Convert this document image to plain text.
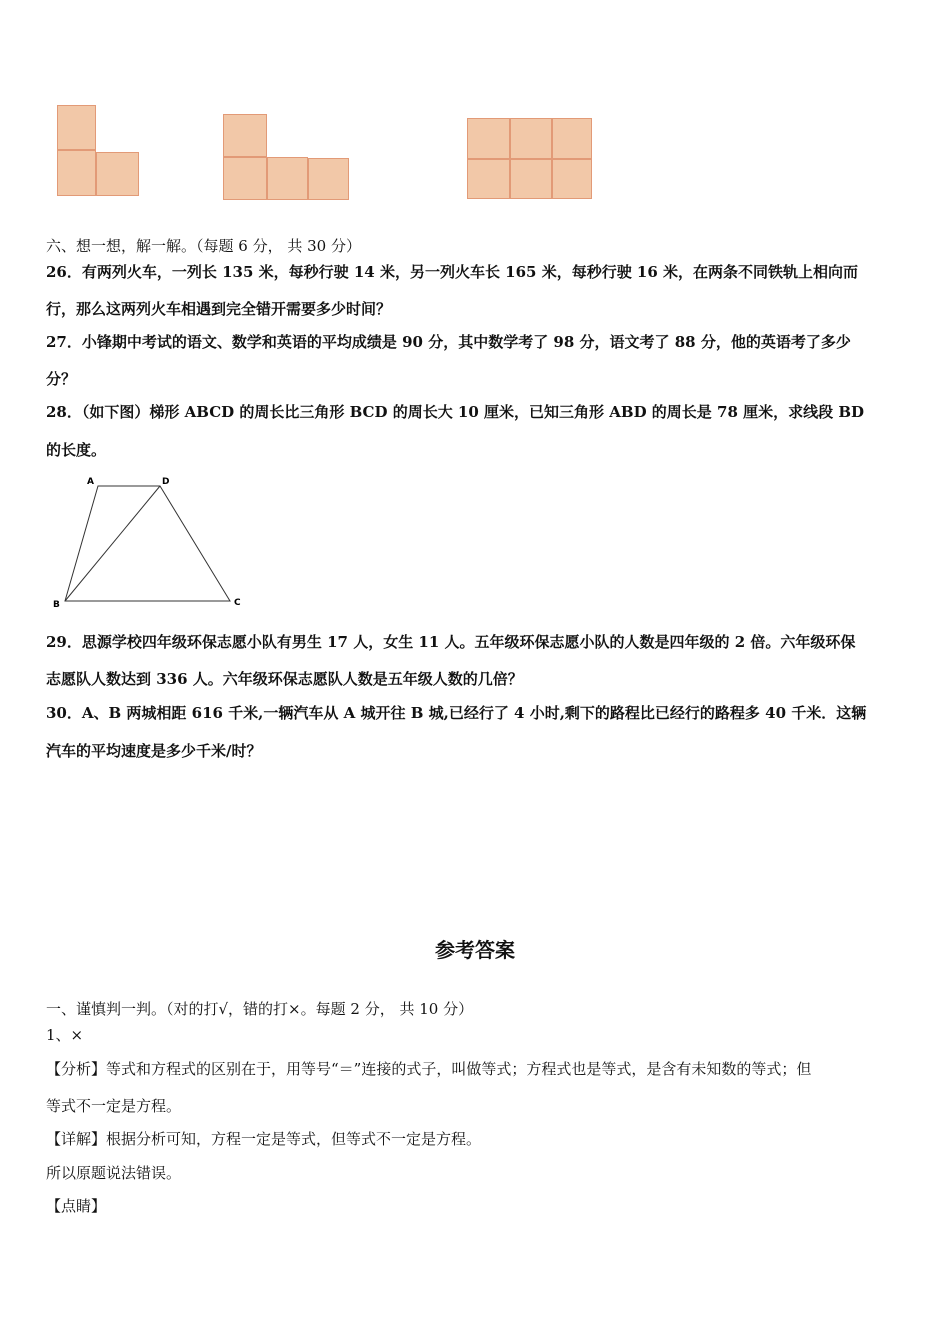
六、想一想，解一解。（每题 6 分， 共 30 分）
26．有两列火车，一列长 135 米，每秒行驶 14 米，另一列火车长 165 米，每秒行驶 16 米，在两条不同铁轨上相向而
行，那么这两列火车相遇到完全错开需要多少时间？
27．小锋期中考试的语文、数学和英语的平均成绩是 90 分，其中数学考了 98 分，语文考了 88 分，他的英语考了多少
分？
28．（如下图）梯形 ABCD 的周长比三角形 BCD 的周长大 10 厘米，已知三角形 ABD 的周长是 78 厘米，求线段 BD
的长度。
A	D
B	C
29．思源学校四年级环保志愿小队有男生 17 人，女生 11 人。五年级环保志愿小队的人数是四年级的 2 倍。六年级环保
志愿队人数达到 336 人。六年级环保志愿队人数是五年级人数的几倍？
30．A、B 两城相距 616 千米,一辆汽车从 A 城开往 B 城,已经行了 4 小时,剩下的路程比已经行的路程多 40 千米．这辆
汽车的平均速度是多少千米/时？
参考答案
一、谨慎判一判。（对的打√，错的打×。每题 2 分， 共 10 分）
1、×
【分析】等式和方程式的区别在于，用等号“＝”连接的式子，叫做等式；方程式也是等式，是含有未知数的等式；但
等式不一定是方程。
【详解】根据分析可知，方程一定是等式，但等式不一定是方程。
所以原题说法错误。
【点睛】
